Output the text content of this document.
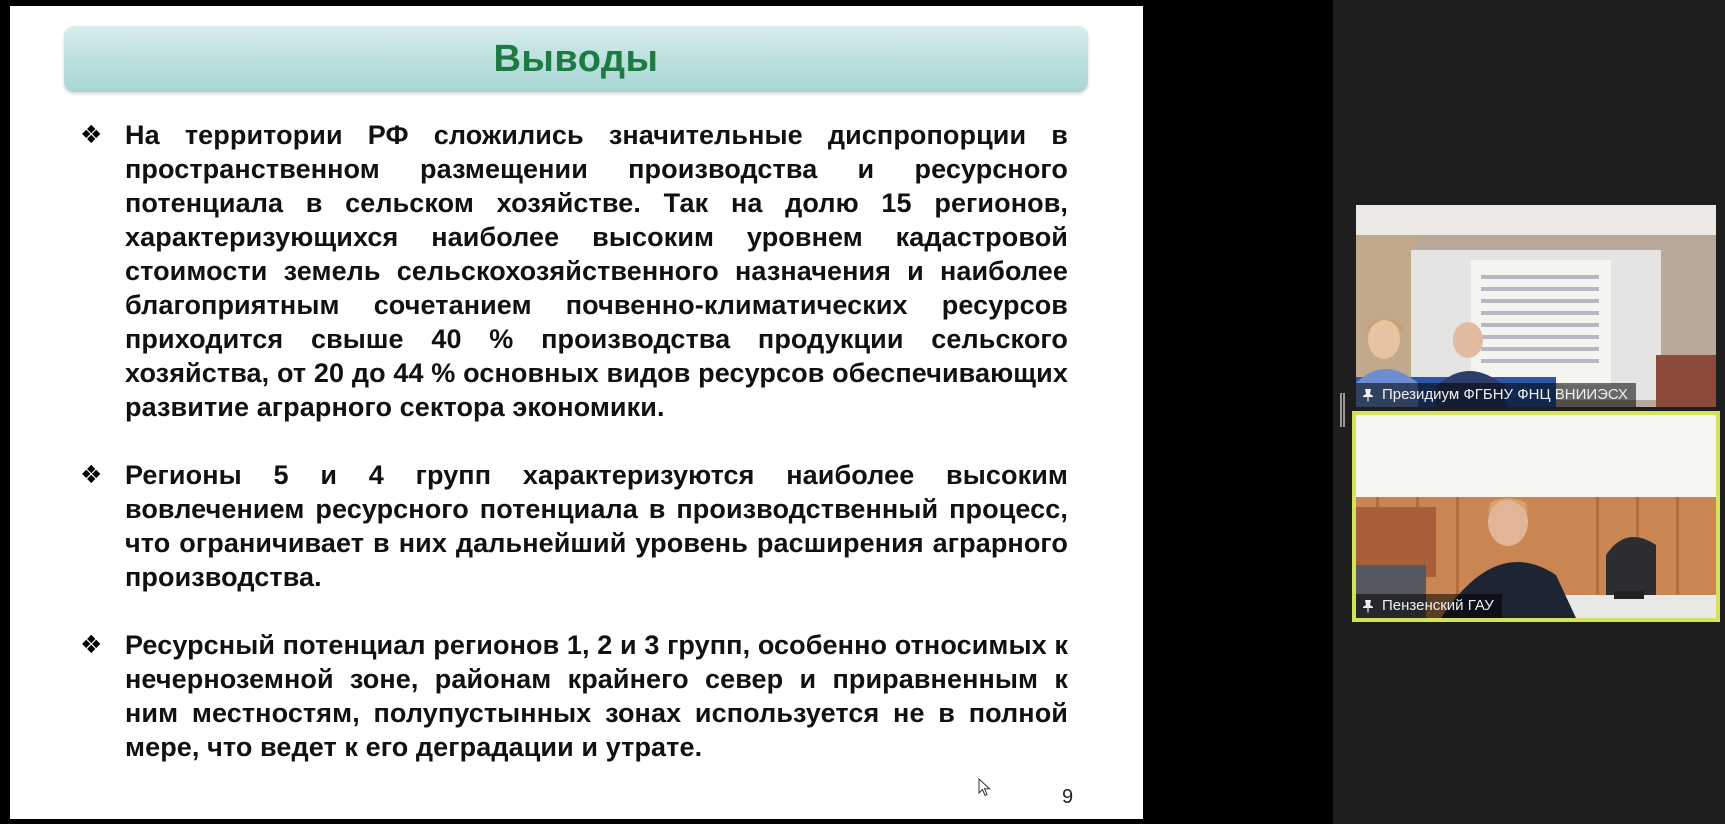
Выводы
❖ На территории РФ сложились значительные диспропорции в пространственном размещении производства и ресурсного потенциала в сельском хозяйстве. Так на долю 15 регионов, характеризующихся наиболее высоким уровнем кадастровой стоимости земель сельскохозяйственного назначения и наиболее благоприятным сочетанием почвенно-климатических ресурсов приходится свыше 40 % производства продукции сельского хозяйства, от 20 до 44 % основных видов ресурсов обеспечивающих развитие аграрного сектора экономики.
❖ Регионы 5 и 4 групп характеризуются наиболее высоким вовлечением ресурсного потенциала в производственный процесс, что ограничивает в них дальнейший уровень расширения аграрного производства.
❖ Ресурсный потенциал регионов 1, 2 и 3 групп, особенно относимых к нечерноземной зоне, районам крайнего север и приравненным к ним местностям, полупустынных зонах используется не в полной мере, что ведет к его деградации и утрате.
9
Президиум ФГБНУ ФНЦ ВНИИЭСХ
Пензенский ГАУ
